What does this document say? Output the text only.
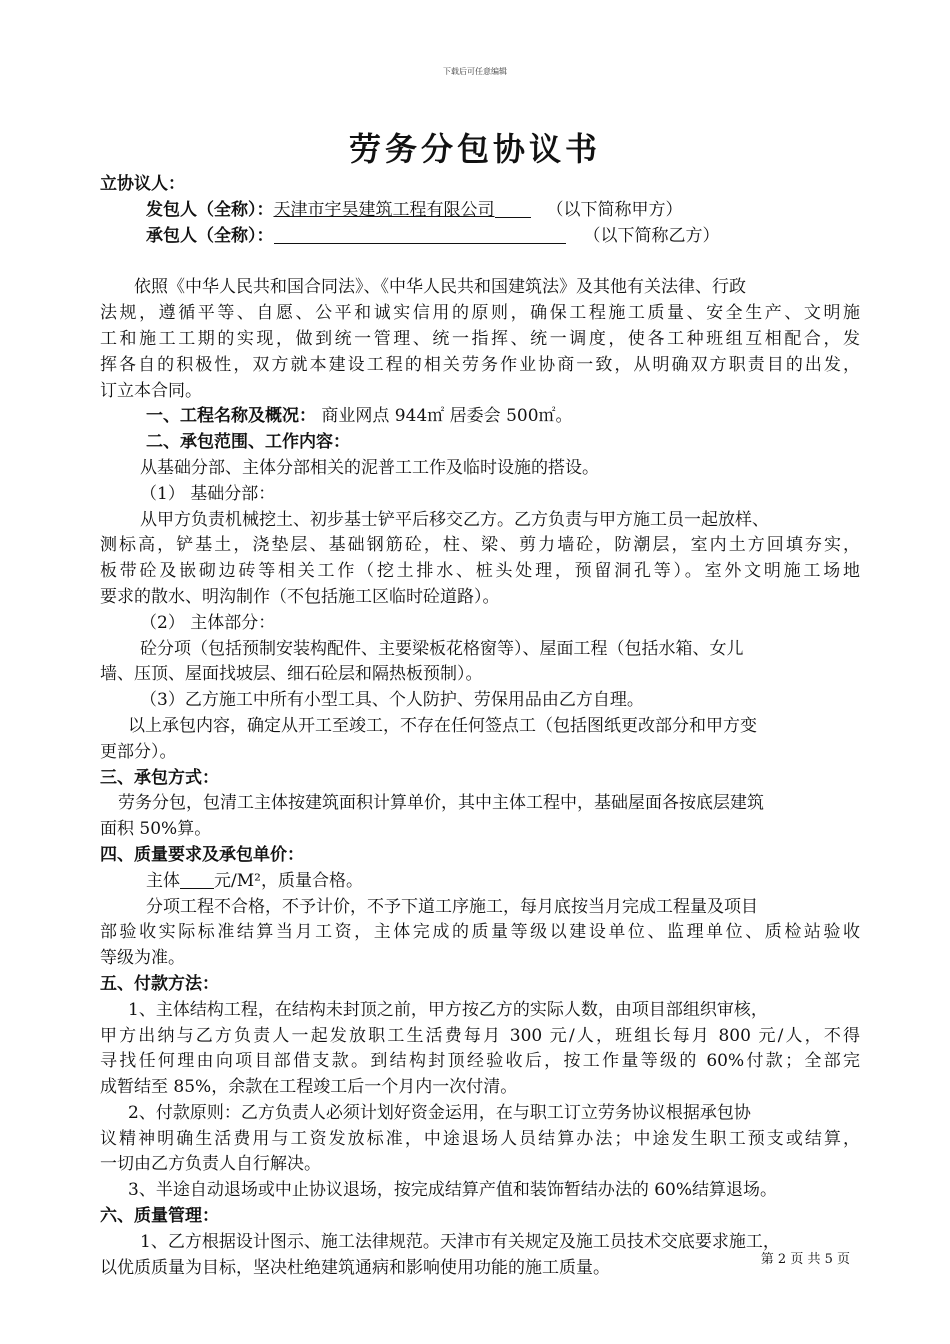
下载后可任意编辑
劳务分包协议书
立协议人：
发包人（全称）：天津市宇昊建筑工程有限公司	（以下简称甲方）
承包人（全称）：	（以下简称乙方）
依照《中华人民共和国合同法》、《中华人民共和国建筑法》及其他有关法律、行政
法规，遵循平等、自愿、公平和诚实信用的原则，确保工程施工质量、安全生产、文明施
工和施工工期的实现，做到统一管理、统一指挥、统一调度，使各工种班组互相配合，发
挥各自的积极性，双方就本建设工程的相关劳务作业协商一致，从明确双方职责目的出发，
订立本合同。
一、工程名称及概况： 商业网点 944㎡ 居委会 500㎡。
二、承包范围、工作内容：
从基础分部、主体分部相关的泥普工工作及临时设施的搭设。
（1） 基础分部：
从甲方负责机械挖土、初步基士铲平后移交乙方。乙方负责与甲方施工员一起放样、
测标高，铲基土，浇垫层、基础钢筋砼，柱、梁、剪力墙砼，防潮层，室内土方回填夯实，
板带砼及嵌砌边砖等相关工作（挖土排水、桩头处理，预留洞孔等）。室外文明施工场地
要求的散水、明沟制作（不包括施工区临时砼道路）。
（2） 主体部分：
砼分项（包括预制安装构配件、主要梁板花格窗等）、屋面工程（包括水箱、女儿
墙、压顶、屋面找坡层、细石砼层和隔热板预制）。
（3）乙方施工中所有小型工具、个人防护、劳保用品由乙方自理。
以上承包内容，确定从开工至竣工，不存在任何签点工（包括图纸更改部分和甲方变
更部分）。
三、承包方式：
劳务分包，包清工主体按建筑面积计算单价，其中主体工程中，基础屋面各按底层建筑
面积 50%算。
四、质量要求及承包单价：
主体 元/M²，质量合格。
分项工程不合格，不予计价，不予下道工序施工，每月底按当月完成工程量及项目
部验收实际标准结算当月工资，主体完成的质量等级以建设单位、监理单位、质检站验收
等级为准。
五、付款方法：
1、主体结构工程，在结构未封顶之前，甲方按乙方的实际人数，由项目部组织审核，
甲方出纳与乙方负责人一起发放职工生活费每月 300 元/人，班组长每月 800 元/人，不得
寻找任何理由向项目部借支款。到结构封顶经验收后，按工作量等级的 60%付款；全部完
成暂结至 85%，余款在工程竣工后一个月内一次付清。
2、付款原则：乙方负责人必须计划好资金运用，在与职工订立劳务协议根据承包协
议精神明确生活费用与工资发放标准，中途退场人员结算办法；中途发生职工预支或结算，
一切由乙方负责人自行解决。
3、半途自动退场或中止协议退场，按完成结算产值和装饰暂结办法的 60%结算退场。
六、质量管理：
1、乙方根据设计图示、施工法律规范。天津市有关规定及施工员技术交底要求施工，
以优质质量为目标，坚决杜绝建筑通病和影响使用功能的施工质量。	第 2 页 共 5 页
